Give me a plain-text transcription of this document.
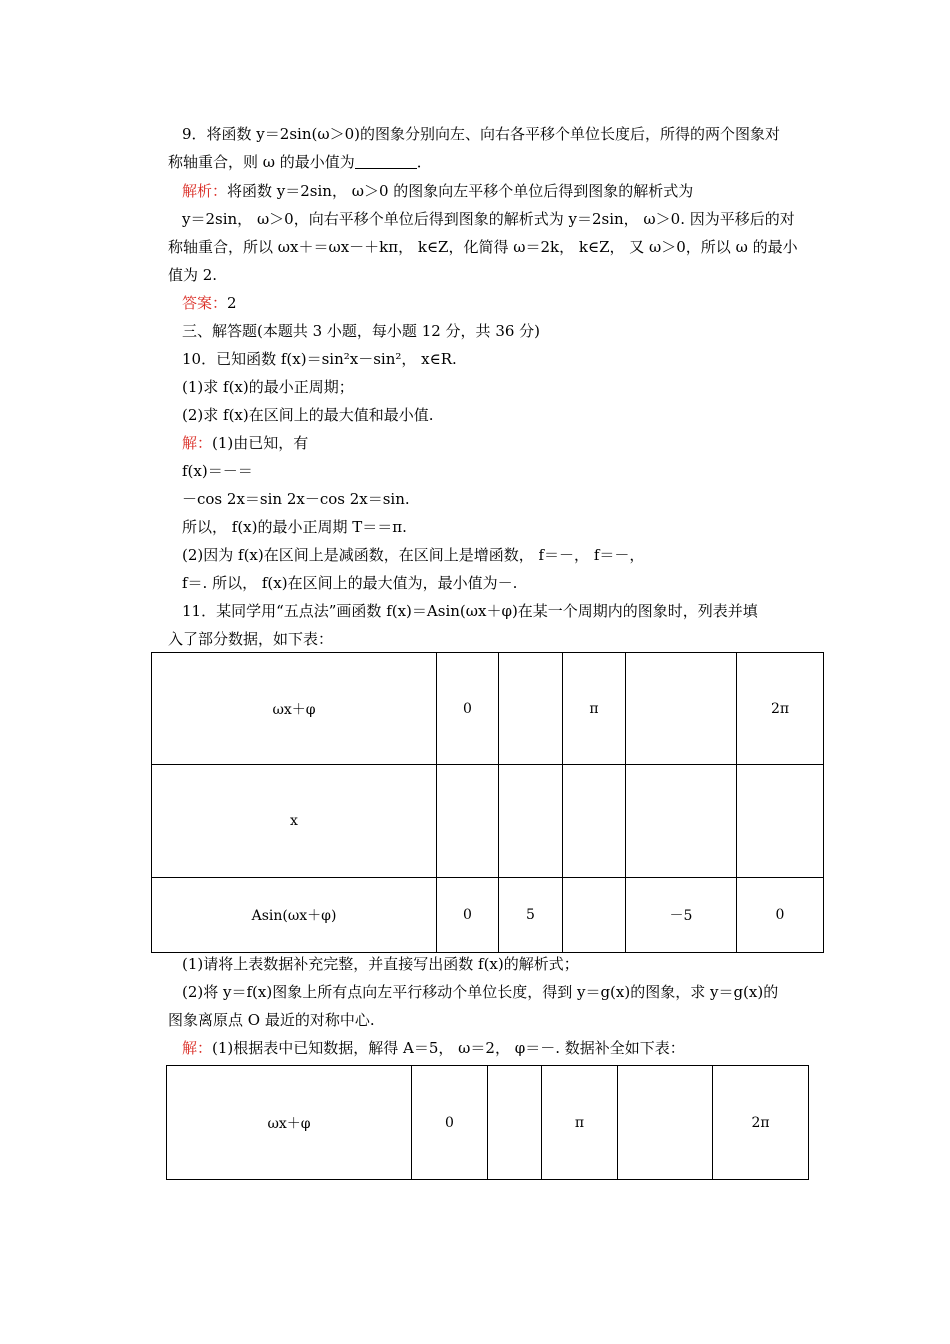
9．将函数 y＝2sin(ω＞0)的图象分别向左、向右各平移个单位长度后，所得的两个图象对
称轴重合，则 ω 的最小值为	．
解析：将函数 y＝2sin， ω＞0 的图象向左平移个单位后得到图象的解析式为
y＝2sin， ω＞0，向右平移个单位后得到图象的解析式为 y＝2sin， ω＞0. 因为平移后的对
称轴重合，所以 ωx＋＝ωx－＋kπ， k∈Z，化简得 ω＝2k， k∈Z， 又 ω＞0，所以 ω 的最小
值为 2.
答案：2
三、解答题(本题共 3 小题，每小题 12 分，共 36 分)
10．已知函数 f(x)＝sin²x－sin²， x∈R.
(1)求 f(x)的最小正周期；
(2)求 f(x)在区间上的最大值和最小值.
解：(1)由已知，有
f(x)＝－＝
－cos 2x＝sin 2x－cos 2x＝sin.
所以， f(x)的最小正周期 T＝＝π.
(2)因为 f(x)在区间上是减函数，在区间上是增函数， f＝－， f＝－，
f＝. 所以， f(x)在区间上的最大值为，最小值为－.
11．某同学用“五点法”画函数 f(x)＝Asin(ωx＋φ)在某一个周期内的图象时，列表并填
入了部分数据，如下表：
ωx＋φ	0		π		2π
x					
Asin(ωx＋φ)	0	5		－5	0
(1)请将上表数据补充完整，并直接写出函数 f(x)的解析式；
(2)将 y＝f(x)图象上所有点向左平行移动个单位长度，得到 y＝g(x)的图象，求 y＝g(x)的
图象离原点 O 最近的对称中心.
解：(1)根据表中已知数据，解得 A＝5， ω＝2， φ＝－. 数据补全如下表：
ωx＋φ	0		π		2π
